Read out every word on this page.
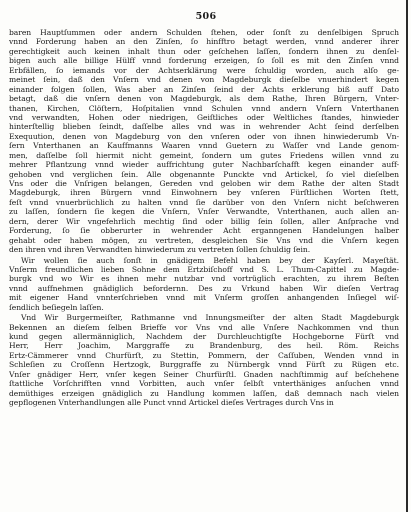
506
baren Hauptſummen oder andern Schulden ſtehen, oder ſonſt zu denſelbigen Spruch
vnnd Forderung haben an den Zinſen, ſo hinfftro betagt werden, vnnd anderer ihrer
gerechtigkeit auch keinen inhalt thun oder geſchehen laſſen, ſondern ihnen zu denſel-
bigen auch alle billige Hülff vnnd forderung erzeigen, ſo ſoll es mit den Zinſen vnnd
Erbfällen, ſo iemands vor der Achtserklärung were ſchuldig worden, auch alſo ge-
meinet ſein, daß den Vnſern vnd denen von Magdeburgk dieſelbe vnuerhindert kegen
einander folgen ſollen, Was aber an Zinſen ſeind der Achts erklerung biß auff Dato
betagt, daß die vnſern denen von Magdeburgk, als dem Rathe, Ihren Bürgern, Vnter-
thanen, Kirchen, Clöſtern, Hoſpitalien vnnd Schulen vnnd andern Vnſern Vnterthanen
vnd verwandten, Hohen oder niedrigen, Geiſtliches oder Weltliches ſtandes, hinwieder
hinterſtellig blieben ſeindt, daſſelbe alles vnd was in wehrender Acht ſeind derſelben
Exequution, denen von Magdeburg von den vnſeren oder von ihnen hinwiederumb Vn-
ſern Vnterthanen an Kauffmanns Waaren vnnd Guetern zu Waſſer vnd Lande genom-
men, daſſelbe ſoll hiermit nicht gemeint, ſondern um gutes Friedens willen vnnd zu
mehrer Pflantzung vnnd wieder auffrichtung guter Nachbarſchafft kegen einander auff-
gehoben vnd verglichen ſein. Alle obgenannte Punckte vnd Artickel, ſo viel dieſelben
Vns oder die Vnſrigen belangen, Gereden vnd geloben wir dem Rathe der alten Stadt
Magdeburgk, ihren Bürgern vnnd Einwohnern bey vnſeren Fürſtlichen Worten ſtett,
feſt vnnd vnuerbrüchlich zu halten vnnd ſie darüber von den Vnſern nicht beſchweren
zu laſſen, ſondern ſie kegen die Vnſern, Vnſer Verwandte, Vnterthanen, auch allen an-
dern, derer Wir vngefehrlich mechtig ſind oder billig ſein ſollen, aller Anſprache vnd
Forderung, ſo ſie obberurter in wehrender Acht erganngenen Handelungen halber
gehabt oder haben mögen, zu vertreten, desgleichen Sie Vns vnd die Vnſern kegen
den ihren vnd ihren Verwandten hinwiederum zu vertreten ſollen ſchuldig ſein.
Wir wollen ſie auch ſonſt in gnädigem Befehl haben bey der Kayſerl. Mayeſtät.
Vnſerm freundlichen lieben Sohne dem Ertzbiſchoff vnd S. L. Thum-Capittel zu Magde-
burgk vnd wo Wir es ihnen mehr nutzbar vnd vortrüglich erachten, zu ihrem Beſten
vnnd auffnehmen gnädiglich befordernn. Des zu Vrkund haben Wir dieſen Vertrag
mit eigener Hand vnnterſchrieben vnnd mit Vnſerm groſſen anhangenden Inſiegel wiſ-
ſendlich beſiegeln laſſen.
Vnd Wir Burgermeiſter, Rathmanne vnd Innungsmeiſter der alten Stadt Magdeburgk
Bekennen an dieſem ſelben Brieffe vor Vns vnd alle Vnſere Nachkommen vnd thun
kund gegen allermänniglich, Nachdem der Durchleuchtigſte Hochgeborne Fürſt vnd
Herr, Herr Joachim, Marggraffe zu Brandenburg, des heil. Röm. Reichs
Ertz-Cämmerer vnnd Churfürſt, zu Stettin, Pommern, der Caſſuben, Wenden vnnd in
Schleſien zu Croſſenn Hertzogk, Burggraffe zu Nürnbergk vnnd Fürſt zu Rügen etc.
Vnſer gnädiger Herr, vnſer kegen Seiner Churfürſtl. Gnaden nachſtimmig auf beſchehene
ſtattliche Vorſchrifften vnnd Vorbitten, auch vnſer ſelbſt vnterthäniges anſuchen vnnd
demüthiges erzeigen gnädiglich zu Handlung kommen laſſen, daß demnach nach vielen
gepflogenen Vnterhandlungen alle Punct vnnd Artickel dieſes Vertrages durch Vns in
